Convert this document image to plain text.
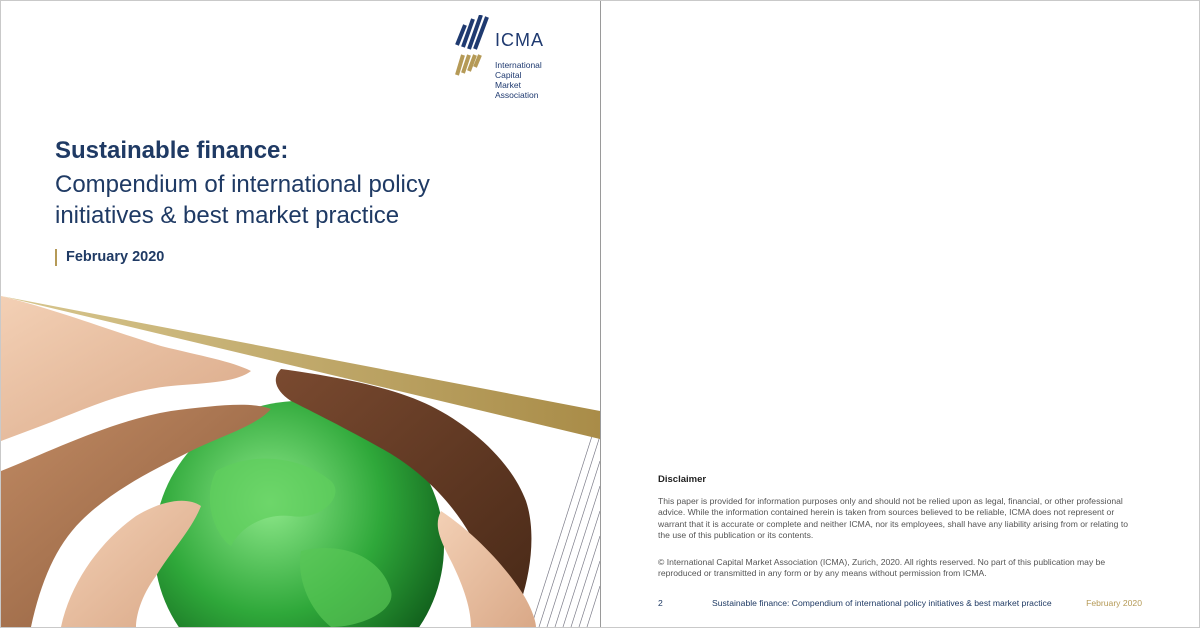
ICMA
International
Capital
Market
Association
Sustainable finance:
Compendium of international policy initiatives & best market practice
February 2020
Disclaimer

This paper is provided for information purposes only and should not be relied upon as legal, financial, or other professional advice. While the information contained herein is taken from sources believed to be reliable, ICMA does not represent or warrant that it is accurate or complete and neither ICMA, nor its employees, shall have any liability arising from or relating to the use of this publication or its contents.

© International Capital Market Association (ICMA), Zurich, 2020. All rights reserved. No part of this publication may be reproduced or transmitted in any form or by any means without permission from ICMA.

2	Sustainable finance: Compendium of international policy initiatives & best market practice	February 2020
